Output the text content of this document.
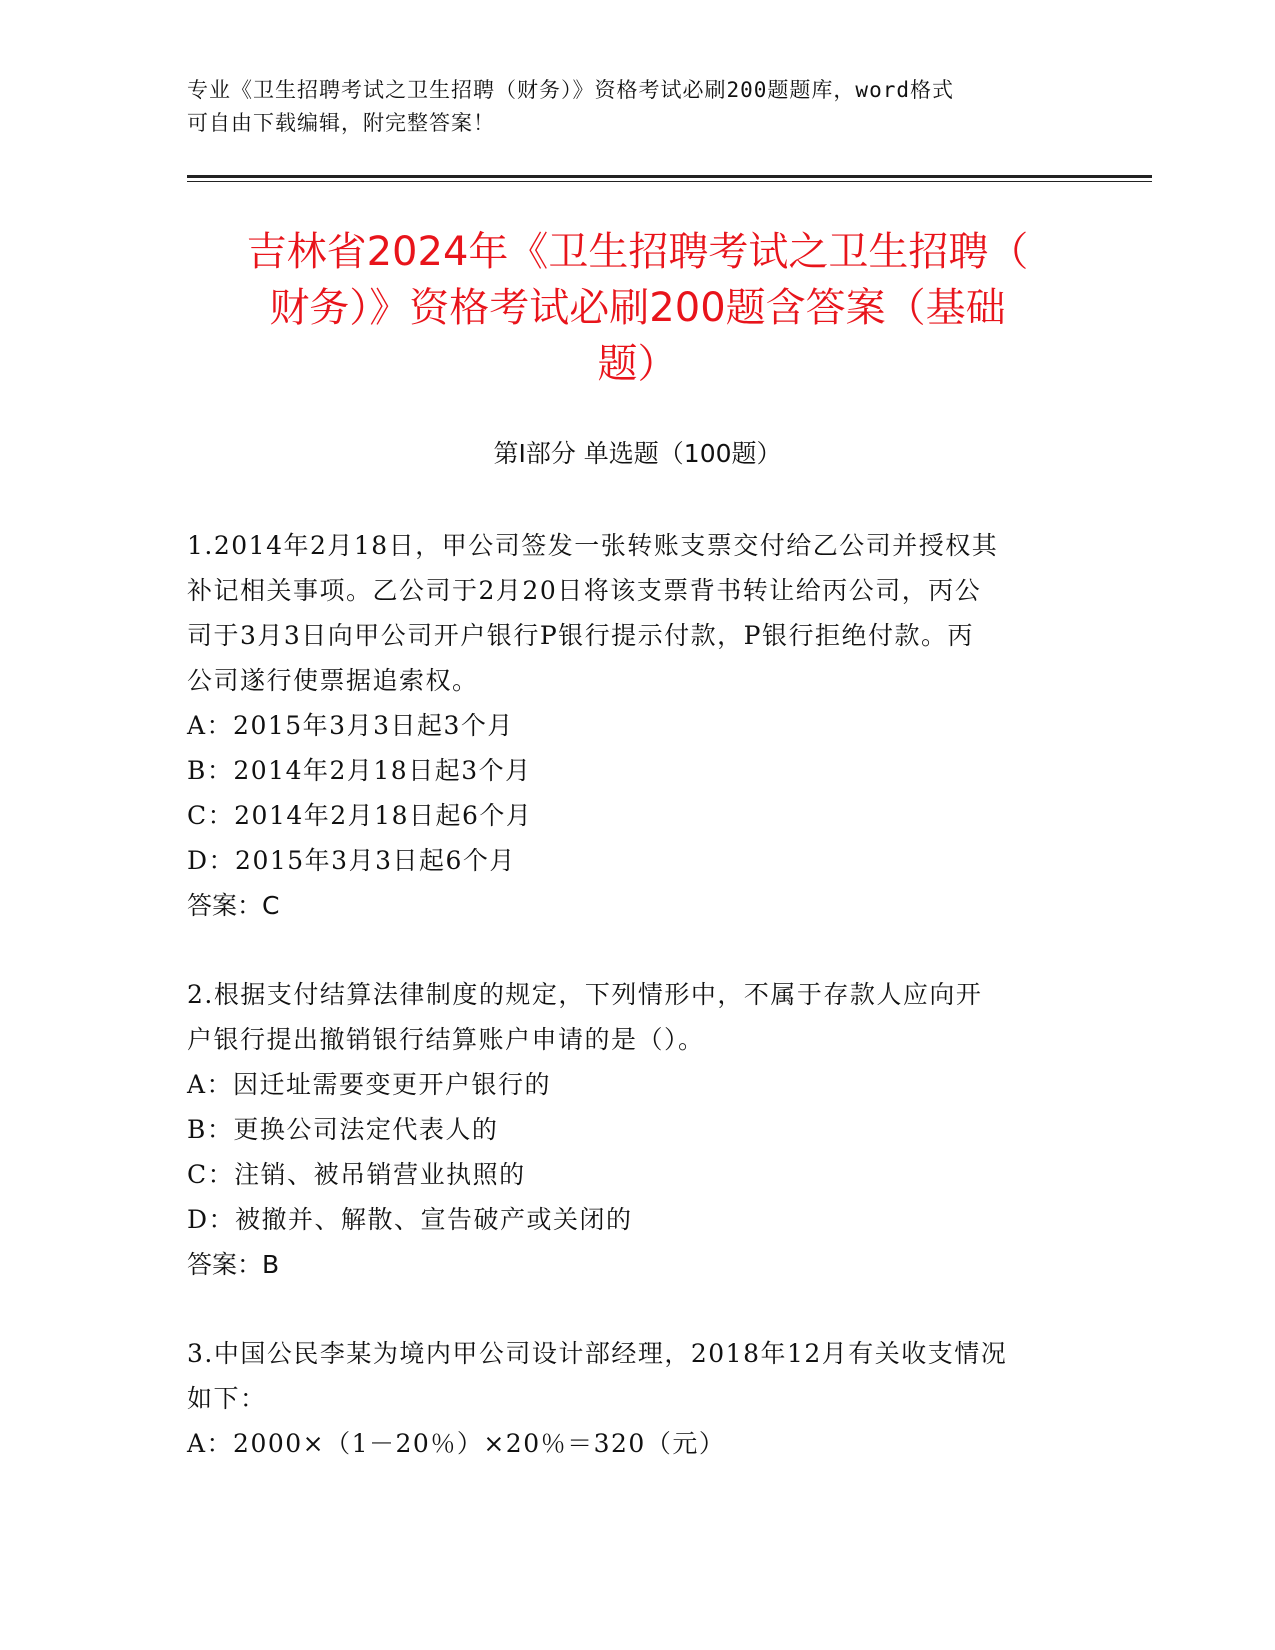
专业《卫生招聘考试之卫生招聘（财务）》资格考试必刷200题题库，word格式
可自由下载编辑，附完整答案！
吉林省2024年《卫生招聘考试之卫生招聘（
财务）》资格考试必刷200题含答案（基础
题）
第Ⅰ部分 单选题（100题）
1.2014年2月18日，甲公司签发一张转账支票交付给乙公司并授权其
补记相关事项。乙公司于2月20日将该支票背书转让给丙公司，丙公
司于3月3日向甲公司开户银行P银行提示付款，P银行拒绝付款。丙
公司遂行使票据追索权。
A：2015年3月3日起3个月
B：2014年2月18日起3个月
C：2014年2月18日起6个月
D：2015年3月3日起6个月
答案：C
2.根据支付结算法律制度的规定，下列情形中，不属于存款人应向开
户银行提出撤销银行结算账户申请的是（）。
A：因迁址需要变更开户银行的
B：更换公司法定代表人的
C：注销、被吊销营业执照的
D：被撤并、解散、宣告破产或关闭的
答案：B
3.中国公民李某为境内甲公司设计部经理，2018年12月有关收支情况
如下：
A：2000×（1－20％）×20％＝320（元）
